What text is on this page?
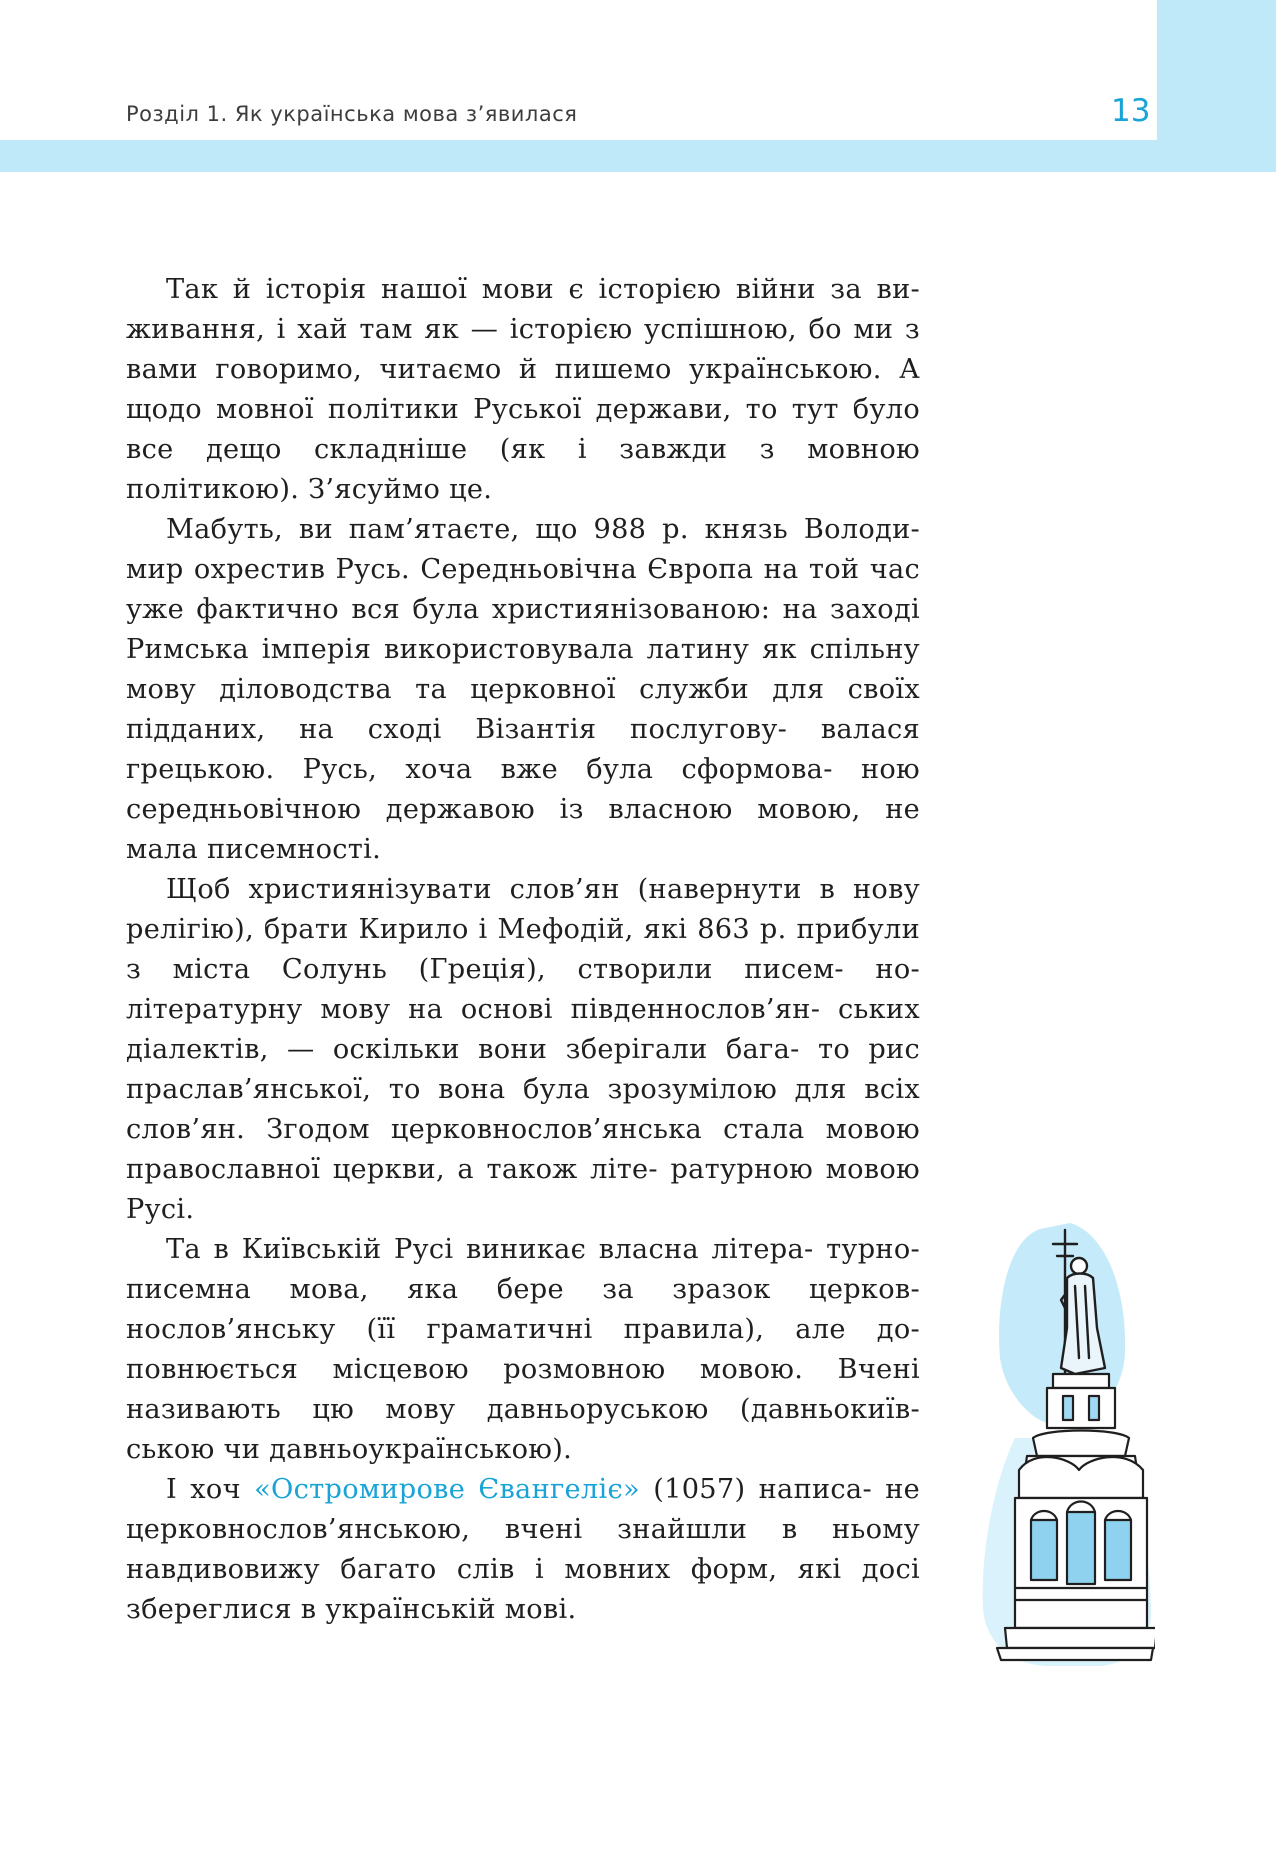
Розділ 1. Як українська мова з’явилася	13

Так й історія нашої мови є історією війни за ви- живання, і хай там як — історією успішною, бо ми з вами говоримо, читаємо й пишемо українською. А щодо мовної політики Руської держави, то тут було все дещо складніше (як і завжди з мовною політикою). З’ясуймо це.

Мабуть, ви пам’ятаєте, що 988 р. князь Володи- мир охрестив Русь. Середньовічна Європа на той час уже фактично вся була християнізованою: на заході Римська імперія використовувала латину як спільну мову діловодства та церковної служби для своїх підданих, на сході Візантія послугову- валася грецькою. Русь, хоча вже була сформова- ною середньовічною державою із власною мовою, не мала писемності.

Щоб християнізувати слов’ян (навернути в нову релігію), брати Кирило і Мефодій, які 863 р. прибули з міста Солунь (Греція), створили писем- но-літературну мову на основі південнослов’ян- ських діалектів, — оскільки вони зберігали бага- то рис праслав’янської, то вона була зрозумілою для всіх слов’ян. Згодом церковнослов’янська стала мовою православної церкви, а також літе- ратурною мовою Русі.

Та в Київській Русі виникає власна літера- турно-писемна мова, яка бере за зразок церков- нослов’янську (її граматичні правила), але до- повнюється місцевою розмовною мовою. Вчені називають цю мову давньоруською (давньокиїв- ською чи давньоукраїнською).

І хоч «Остромирове Євангеліє» (1057) написа- не церковнослов’янською, вчені знайшли в ньому навдивовижу багато слів і мовних форм, які досі збереглися в українській мові.
